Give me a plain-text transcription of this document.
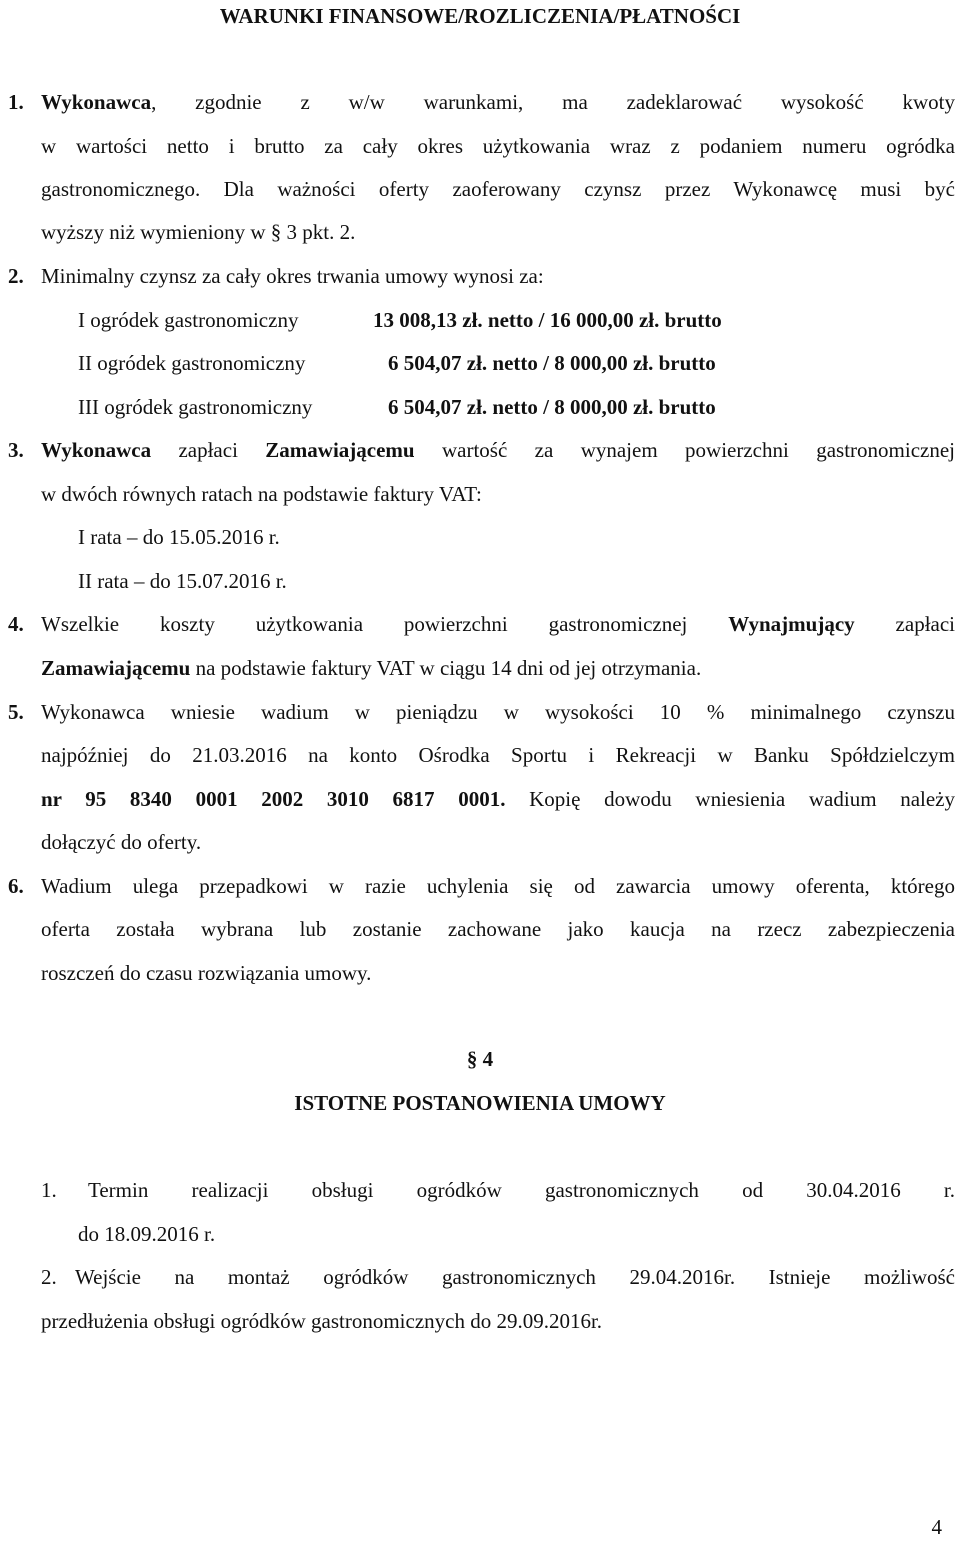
WARUNKI FINANSOWE/ROZLICZENIA/PŁATNOŚCI
1. Wykonawca, zgodnie z w/w warunkami, ma zadeklarować wysokość kwoty
w wartości netto i brutto za cały okres użytkowania wraz z podaniem numeru ogródka
gastronomicznego. Dla ważności oferty zaoferowany czynsz przez Wykonawcę musi być
wyższy niż wymieniony w § 3 pkt. 2.
2. Minimalny czynsz za cały okres trwania umowy wynosi za:
I ogródek gastronomiczny	13 008,13 zł. netto / 16 000,00 zł. brutto
II ogródek gastronomiczny	6 504,07 zł. netto / 8 000,00 zł. brutto
III ogródek gastronomiczny	6 504,07 zł. netto / 8 000,00 zł. brutto
3. Wykonawca zapłaci Zamawiającemu wartość za wynajem powierzchni gastronomicznej
w dwóch równych ratach na podstawie faktury VAT:
I rata – do 15.05.2016 r.
II rata – do 15.07.2016 r.
4. Wszelkie koszty użytkowania powierzchni gastronomicznej Wynajmujący zapłaci
Zamawiającemu na podstawie faktury VAT w ciągu 14 dni od jej otrzymania.
5. Wykonawca wniesie wadium w pieniądzu w wysokości 10 % minimalnego czynszu
najpóźniej do 21.03.2016 na konto Ośrodka Sportu i Rekreacji w Banku Spółdzielczym
nr 95 8340 0001 2002 3010 6817 0001. Kopię dowodu wniesienia wadium należy
dołączyć do oferty.
6. Wadium ulega przepadkowi w razie uchylenia się od zawarcia umowy oferenta, którego
oferta została wybrana lub zostanie zachowane jako kaucja na rzecz zabezpieczenia
roszczeń do czasu rozwiązania umowy.
§ 4
ISTOTNE POSTANOWIENIA UMOWY
1. Termin realizacji obsługi ogródków gastronomicznych od 30.04.2016 r.
do 18.09.2016 r.
2. Wejście na montaż ogródków gastronomicznych 29.04.2016r. Istnieje możliwość
przedłużenia obsługi ogródków gastronomicznych do 29.09.2016r.
4
